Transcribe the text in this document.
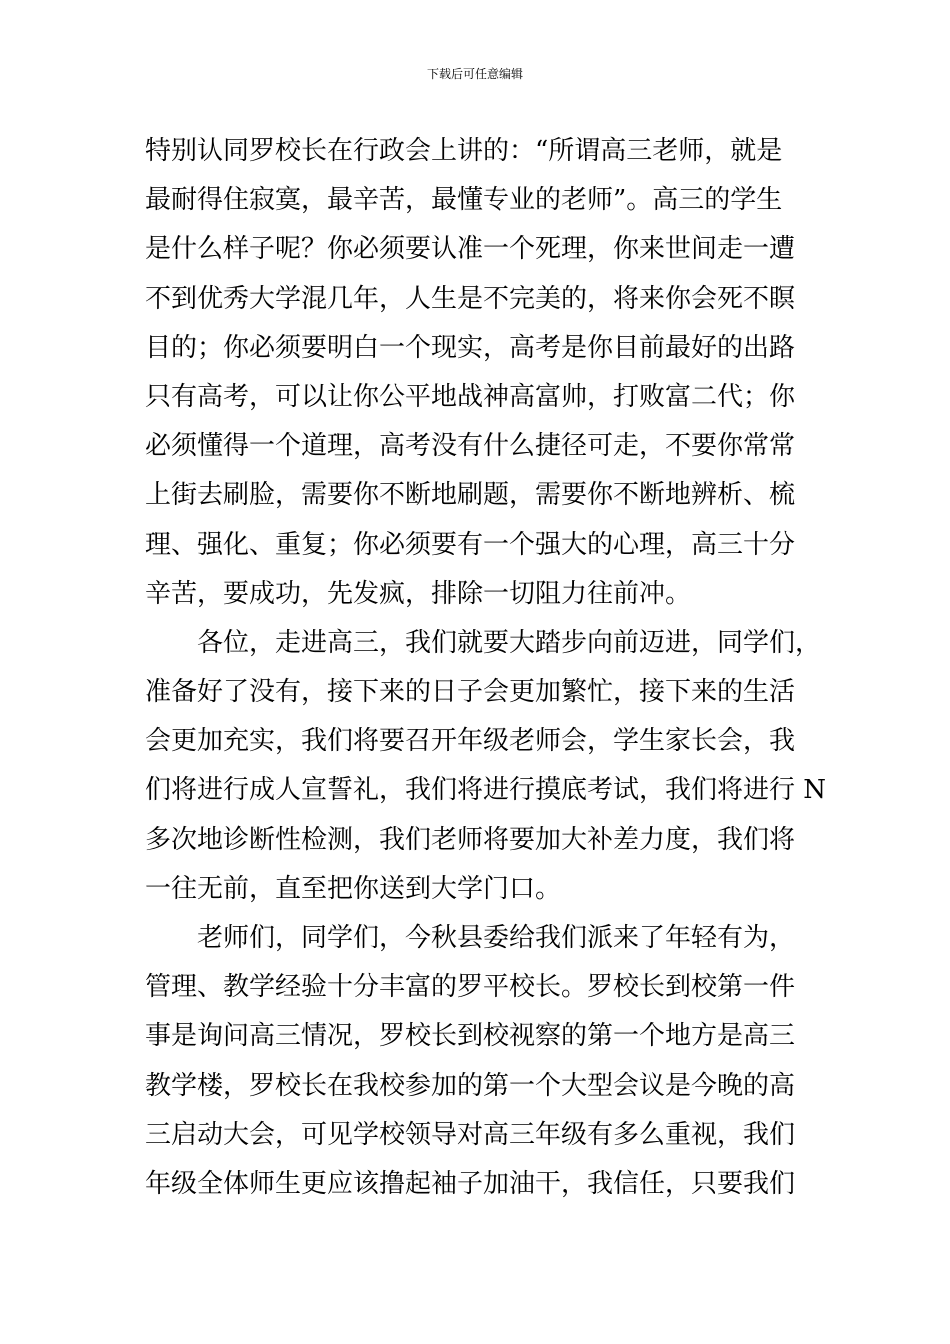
下载后可任意编辑
特别认同罗校长在行政会上讲的：“所谓高三老师，就是
最耐得住寂寞，最辛苦，最懂专业的老师”。高三的学生
是什么样子呢？你必须要认准一个死理，你来世间走一遭
不到优秀大学混几年，人生是不完美的，将来你会死不瞑
目的；你必须要明白一个现实，高考是你目前最好的出路
只有高考，可以让你公平地战神高富帅，打败富二代；你
必须懂得一个道理，高考没有什么捷径可走，不要你常常
上街去刷脸，需要你不断地刷题，需要你不断地辨析、梳
理、强化、重复；你必须要有一个强大的心理，高三十分
辛苦，要成功，先发疯，排除一切阻力往前冲。
各位，走进高三，我们就要大踏步向前迈进，同学们，
准备好了没有，接下来的日子会更加繁忙，接下来的生活
会更加充实，我们将要召开年级老师会，学生家长会，我
们将进行成人宣誓礼，我们将进行摸底考试，我们将进行 N
多次地诊断性检测，我们老师将要加大补差力度，我们将
一往无前，直至把你送到大学门口。
老师们，同学们，今秋县委给我们派来了年轻有为，
管理、教学经验十分丰富的罗平校长。罗校长到校第一件
事是询问高三情况，罗校长到校视察的第一个地方是高三
教学楼，罗校长在我校参加的第一个大型会议是今晚的高
三启动大会，可见学校领导对高三年级有多么重视，我们
年级全体师生更应该撸起袖子加油干，我信任，只要我们
